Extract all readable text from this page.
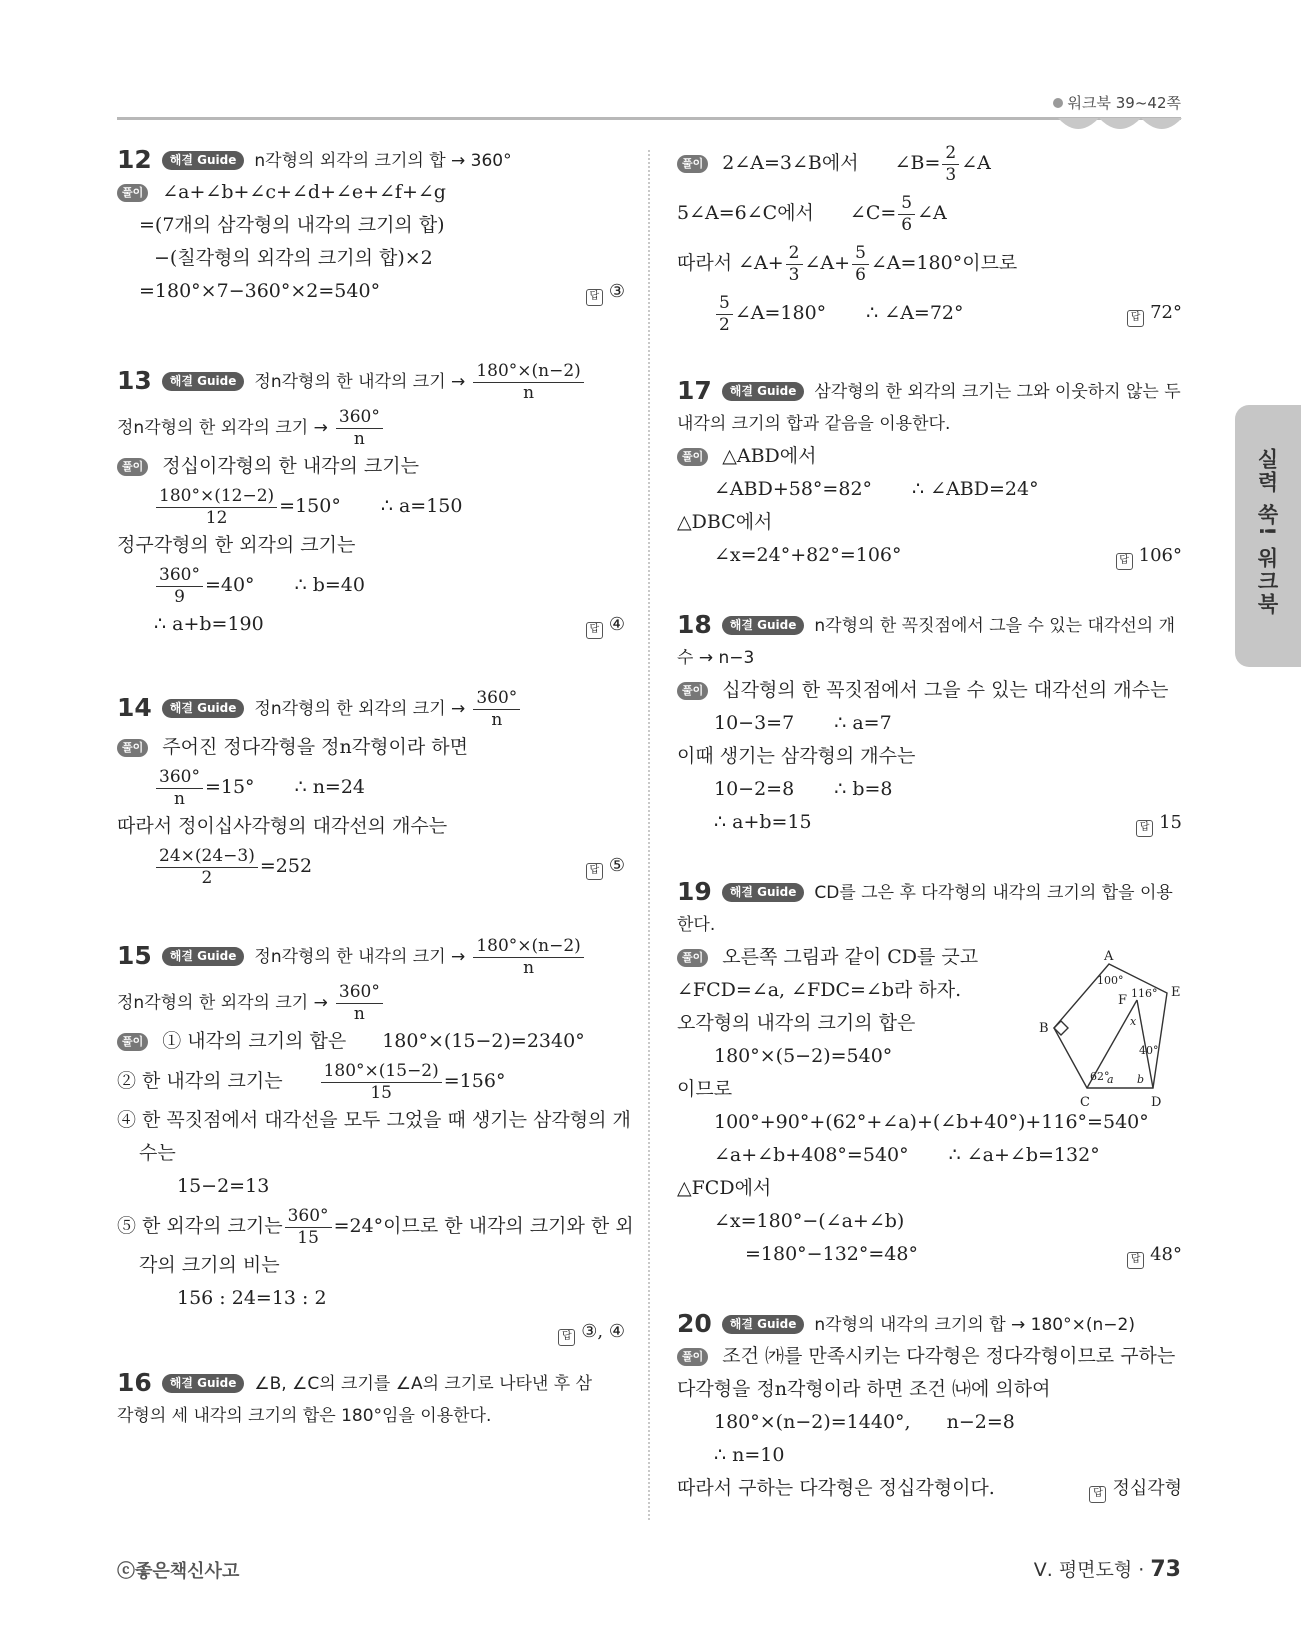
워크북 39~42쪽
실력 쑥! 워크북
12 해결 Guide n각형의 외각의 크기의 합 → 360°
풀이 ∠a+∠b+∠c+∠d+∠e+∠f+∠g
=(7개의 삼각형의 내각의 크기의 합)
−(칠각형의 외각의 크기의 합)×2
=180°×7−360°×2=540°	답 ③
13 해결 Guide 정n각형의 한 내각의 크기 → $\frac{180^\circ\times(n-2)}{n}$
정n각형의 한 외각의 크기 → $\frac{360^\circ}{n}$
풀이 정십이각형의 한 내각의 크기는
$\frac{180^\circ\times(12-2)}{12} =150^\circ$ ∴ a=150
정구각형의 한 외각의 크기는
$\frac{360^\circ}{9} =40^\circ$ ∴ b=40
∴ a+b=190	답 ④
14 해결 Guide 정n각형의 한 외각의 크기 → $\frac{360^\circ}{n}$
풀이 주어진 정다각형을 정n각형이라 하면
$\frac{360^\circ}{n} =15^\circ$ ∴ n=24
따라서 정이십사각형의 대각선의 개수는
$\frac{24\times(24-3)}{2} =252$	답 ⑤
15 해결 Guide 정n각형의 한 내각의 크기 → $\frac{180^\circ\times(n-2)}{n}$
정n각형의 한 외각의 크기 → $\frac{360^\circ}{n}$
풀이 ① 내각의 크기의 합은 180°×(15−2)=2340°
② 한 내각의 크기는 $\frac{180^\circ\times(15-2)}{15} =156^\circ$
④ 한 꼭짓점에서 대각선을 모두 그었을 때 생기는 삼각형의 개
수는
15−2=13
⑤ 한 외각의 크기는 $\frac{360^\circ}{15} =24^\circ$이므로 한 내각의 크기와 한 외
각의 크기의 비는
156 : 24=13 : 2
답 ③, ④
16 해결 Guide ∠B, ∠C의 크기를 ∠A의 크기로 나타낸 후 삼
각형의 세 내각의 크기의 합은 180°임을 이용한다.
풀이 2∠A=3∠B에서 ∠B= $\frac{2}{3}$ ∠A
5∠A=6∠C에서 ∠C= $\frac{5}{6}$ ∠A
따라서 ∠A+ $\frac{2}{3}$ ∠A+ $\frac{5}{6}$ ∠A=180°이므로
$\frac{5}{2}$ ∠A=180° ∴ ∠A=72°	답 72°
17 해결 Guide 삼각형의 한 외각의 크기는 그와 이웃하지 않는 두
내각의 크기의 합과 같음을 이용한다.
풀이 △ABD에서
∠ABD+58°=82° ∴ ∠ABD=24°
△DBC에서
∠x=24°+82°=106°	답 106°
18 해결 Guide n각형의 한 꼭짓점에서 그을 수 있는 대각선의 개
수 → n−3
풀이 십각형의 한 꼭짓점에서 그을 수 있는 대각선의 개수는
10−3=7 ∴ a=7
이때 생기는 삼각형의 개수는
10−2=8 ∴ b=8
∴ a+b=15	답 15
19 해결 Guide CD를 그은 후 다각형의 내각의 크기의 합을 이용
한다.
풀이 오른쪽 그림과 같이 CD를 긋고
∠FCD=∠a, ∠FDC=∠b라 하자.
오각형의 내각의 크기의 합은
180°×(5−2)=540°
이므로
100°+90°+(62°+∠a)+(∠b+40°)+116°=540°
∠a+∠b+408°=540° ∴ ∠a+∠b=132°
△FCD에서
∠x=180°−(∠a+∠b)
=180°−132°=48°	답 48°
20 해결 Guide n각형의 내각의 크기의 합 → 180°×(n−2)
풀이 조건 ㈎를 만족시키는 다각형은 정다각형이므로 구하는
다각형을 정n각형이라 하면 조건 ㈏에 의하여
180°×(n−2)=1440°, n−2=8
∴ n=10
따라서 구하는 다각형은 정십각형이다.	답 정십각형
A
E
B
C	D
F
100°
116°
62°
40°
x
a b
ⓒ좋은책신사고	Ⅴ. 평면도형 · 73
